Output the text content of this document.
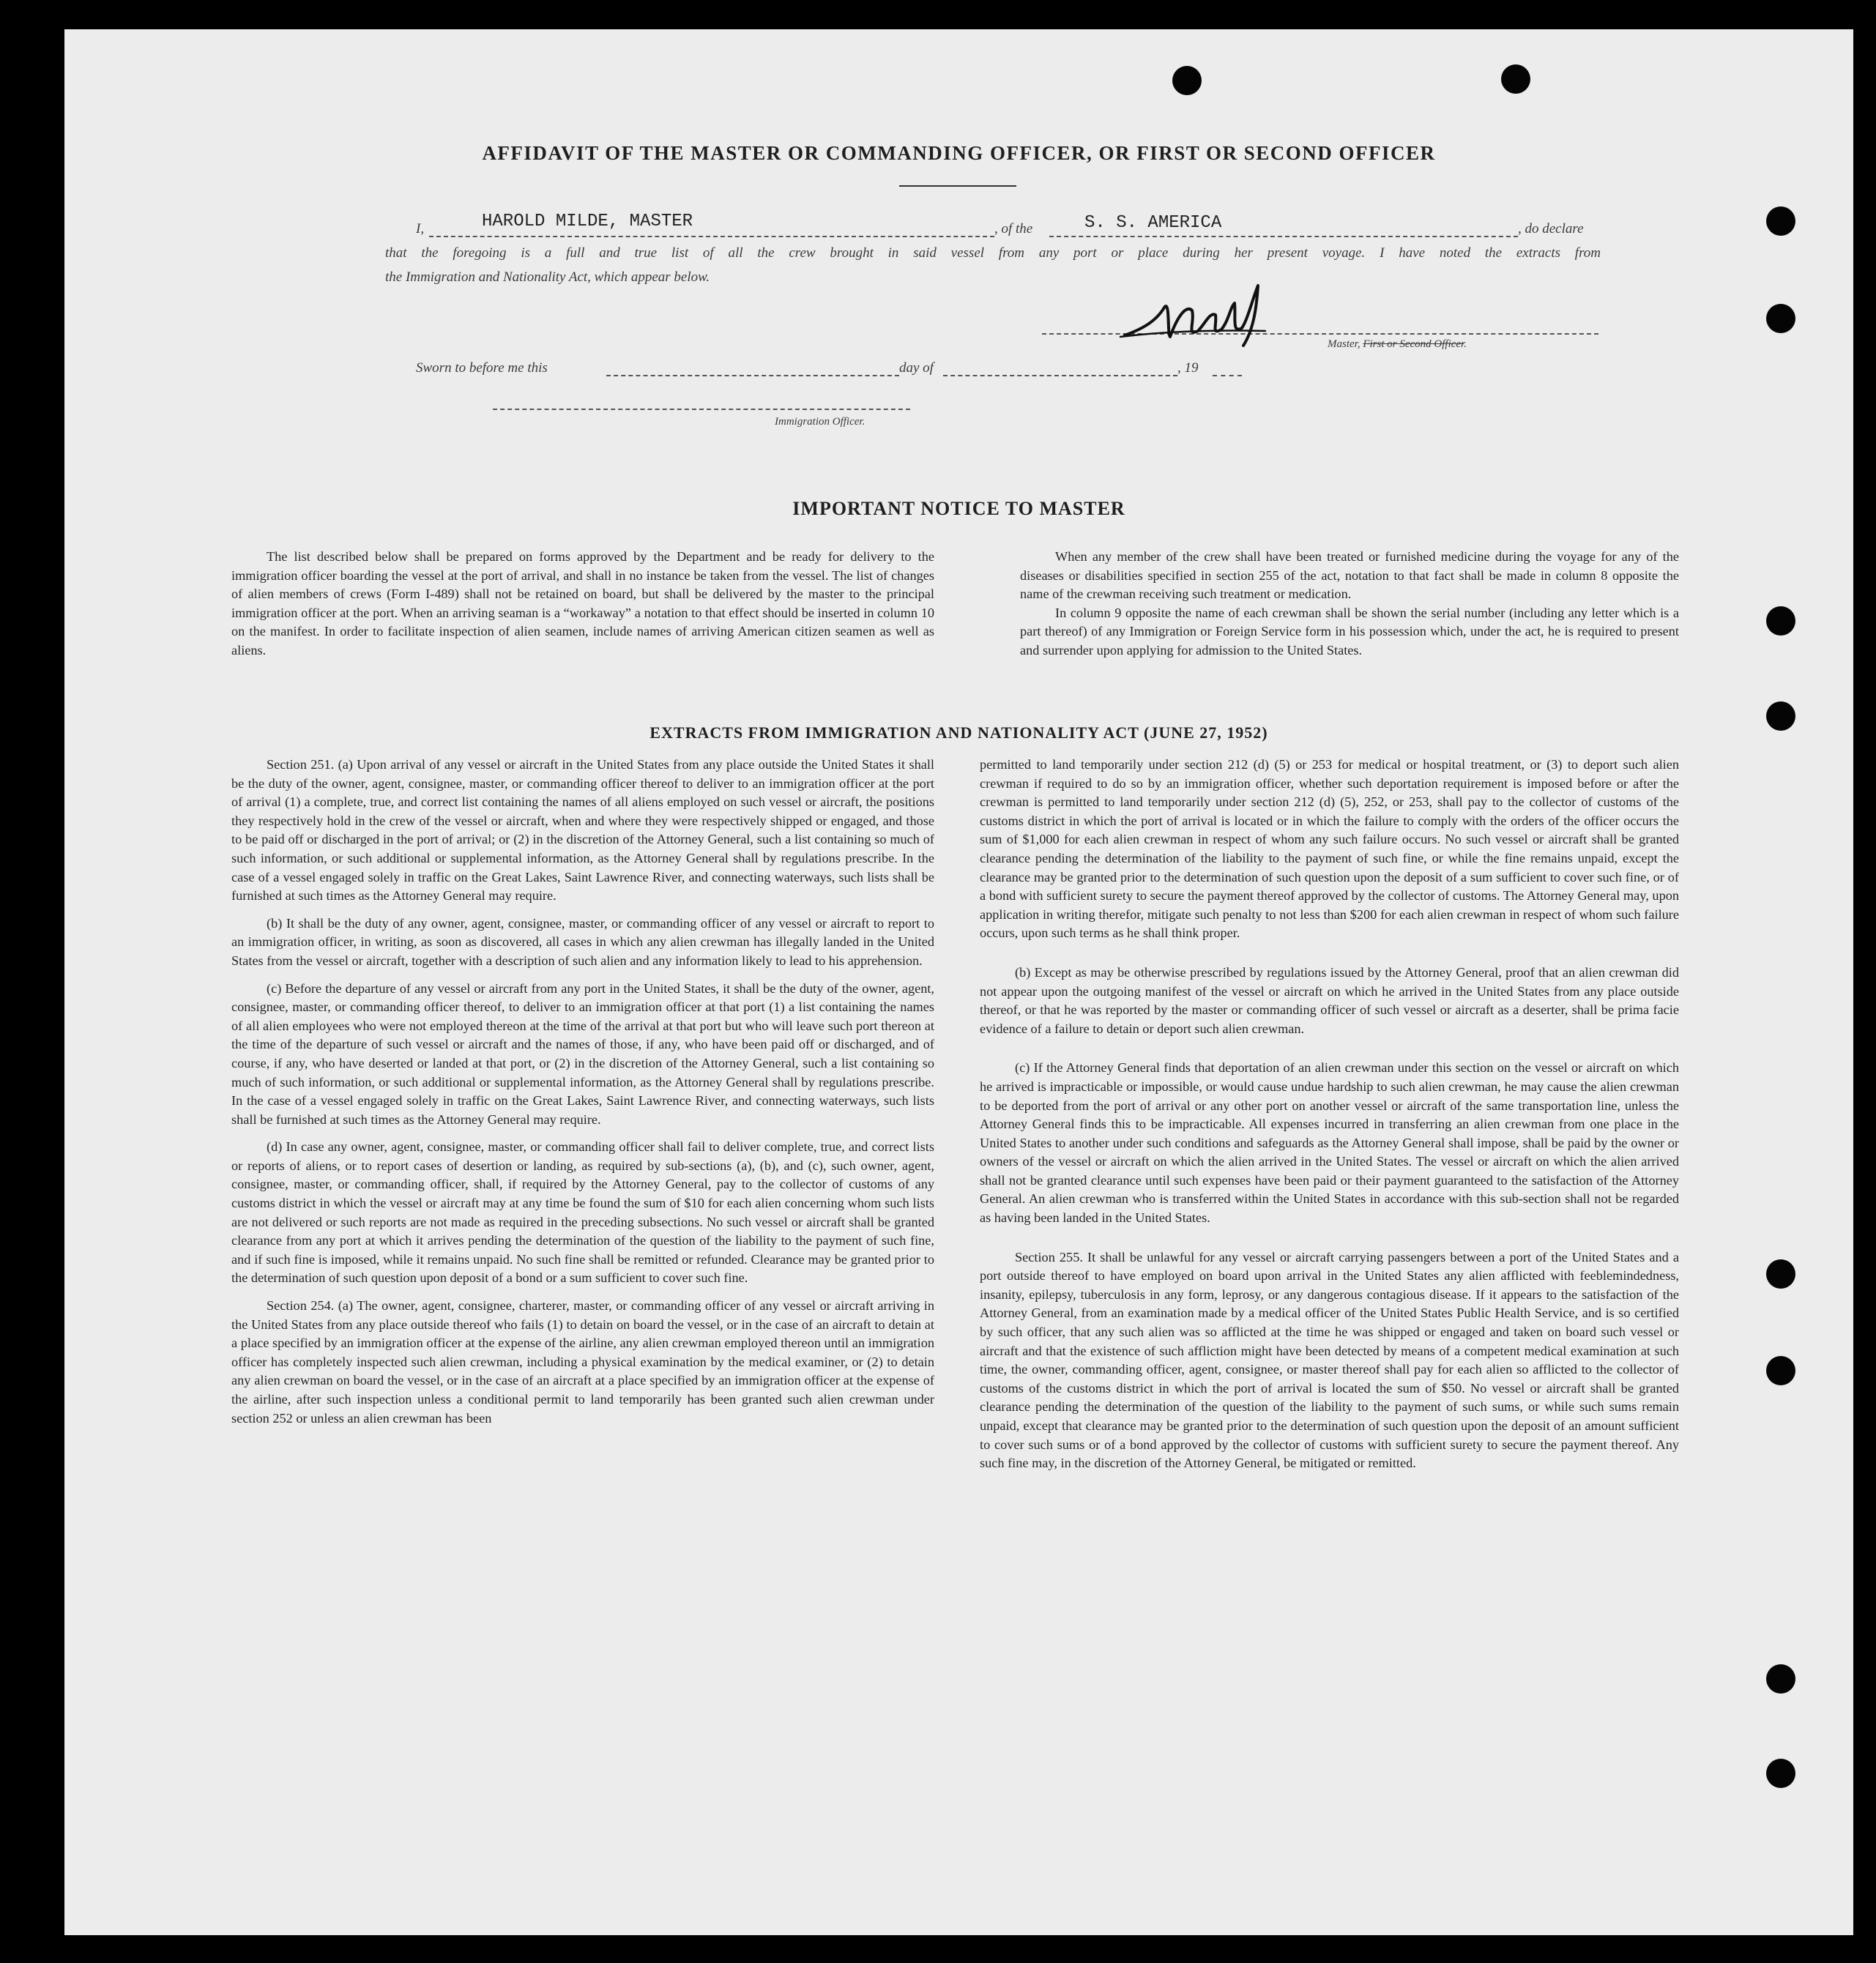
AFFIDAVIT OF THE MASTER OR COMMANDING OFFICER, OR FIRST OR SECOND OFFICER
I,	HAROLD MILDE, MASTER	, of the	S. S. AMERICA	, do declare
that the foregoing is a full and true list of all the crew brought in said vessel from any port or place during her present voyage. I have noted the extracts from
the Immigration and Nationality Act, which appear below.
Master, First or Second Officer.
Sworn to before me this	day of	, 19
Immigration Officer.
IMPORTANT NOTICE TO MASTER

The list described below shall be prepared on forms approved by the Department and be ready for delivery to the immigration officer boarding the vessel at the port of arrival, and shall in no instance be taken from the vessel. The list of changes of alien members of crews (Form I-489) shall not be retained on board, but shall be delivered by the master to the principal immigration officer at the port. When an arriving seaman is a “workaway” a notation to that effect should be inserted in column 10 on the manifest. In order to facilitate inspection of alien seamen, include names of arriving American citizen seamen as well as aliens.

When any member of the crew shall have been treated or furnished medicine during the voyage for any of the diseases or disabilities specified in section 255 of the act, notation to that fact shall be made in column 8 opposite the name of the crewman receiving such treatment or medication.

In column 9 opposite the name of each crewman shall be shown the serial number (including any letter which is a part thereof) of any Immigration or Foreign Service form in his possession which, under the act, he is required to present and surrender upon applying for admission to the United States.

EXTRACTS FROM IMMIGRATION AND NATIONALITY ACT (JUNE 27, 1952)

Section 251. (a) Upon arrival of any vessel or aircraft in the United States from any place outside the United States it shall be the duty of the owner, agent, consignee, master, or commanding officer thereof to deliver to an immigration officer at the port of arrival (1) a complete, true, and correct list containing the names of all aliens employed on such vessel or aircraft, the positions they respectively hold in the crew of the vessel or aircraft, when and where they were respectively shipped or engaged, and those to be paid off or discharged in the port of arrival; or (2) in the discretion of the Attorney General, such a list containing so much of such information, or such additional or supplemental information, as the Attorney General shall by regulations prescribe. In the case of a vessel engaged solely in traffic on the Great Lakes, Saint Lawrence River, and connecting waterways, such lists shall be furnished at such times as the Attorney General may require.

(b) It shall be the duty of any owner, agent, consignee, master, or commanding officer of any vessel or aircraft to report to an immigration officer, in writing, as soon as discovered, all cases in which any alien crewman has illegally landed in the United States from the vessel or aircraft, together with a description of such alien and any information likely to lead to his apprehension.

(c) Before the departure of any vessel or aircraft from any port in the United States, it shall be the duty of the owner, agent, consignee, master, or commanding officer thereof, to deliver to an immigration officer at that port (1) a list containing the names of all alien employees who were not employed thereon at the time of the arrival at that port but who will leave such port thereon at the time of the departure of such vessel or aircraft and the names of those, if any, who have been paid off or discharged, and of course, if any, who have deserted or landed at that port, or (2) in the discretion of the Attorney General, such a list containing so much of such information, or such additional or supplemental information, as the Attorney General shall by regulations prescribe. In the case of a vessel engaged solely in traffic on the Great Lakes, Saint Lawrence River, and connecting waterways, such lists shall be furnished at such times as the Attorney General may require.

(d) In case any owner, agent, consignee, master, or commanding officer shall fail to deliver complete, true, and correct lists or reports of aliens, or to report cases of desertion or landing, as required by sub-sections (a), (b), and (c), such owner, agent, consignee, master, or commanding officer, shall, if required by the Attorney General, pay to the collector of customs of any customs district in which the vessel or aircraft may at any time be found the sum of $10 for each alien concerning whom such lists are not delivered or such reports are not made as required in the preceding subsections. No such vessel or aircraft shall be granted clearance from any port at which it arrives pending the determination of the question of the liability to the payment of such fine, and if such fine is imposed, while it remains unpaid. No such fine shall be remitted or refunded. Clearance may be granted prior to the determination of such question upon deposit of a bond or a sum sufficient to cover such fine.

Section 254. (a) The owner, agent, consignee, charterer, master, or commanding officer of any vessel or aircraft arriving in the United States from any place outside thereof who fails (1) to detain on board the vessel, or in the case of an aircraft to detain at a place specified by an immigration officer at the expense of the airline, any alien crewman employed thereon until an immigration officer has completely inspected such alien crewman, including a physical examination by the medical examiner, or (2) to detain any alien crewman on board the vessel, or in the case of an aircraft at a place specified by an immigration officer at the expense of the airline, after such inspection unless a conditional permit to land temporarily has been granted such alien crewman under section 252 or unless an alien crewman has been

permitted to land temporarily under section 212 (d) (5) or 253 for medical or hospital treatment, or (3) to deport such alien crewman if required to do so by an immigration officer, whether such deportation requirement is imposed before or after the crewman is permitted to land temporarily under section 212 (d) (5), 252, or 253, shall pay to the collector of customs of the customs district in which the port of arrival is located or in which the failure to comply with the orders of the officer occurs the sum of $1,000 for each alien crewman in respect of whom any such failure occurs. No such vessel or aircraft shall be granted clearance pending the determination of the liability to the payment of such fine, or while the fine remains unpaid, except the clearance may be granted prior to the determination of such question upon the deposit of a sum sufficient to cover such fine, or of a bond with sufficient surety to secure the payment thereof approved by the collector of customs. The Attorney General may, upon application in writing therefor, mitigate such penalty to not less than $200 for each alien crewman in respect of whom such failure occurs, upon such terms as he shall think proper.

(b) Except as may be otherwise prescribed by regulations issued by the Attorney General, proof that an alien crewman did not appear upon the outgoing manifest of the vessel or aircraft on which he arrived in the United States from any place outside thereof, or that he was reported by the master or commanding officer of such vessel or aircraft as a deserter, shall be prima facie evidence of a failure to detain or deport such alien crewman.

(c) If the Attorney General finds that deportation of an alien crewman under this section on the vessel or aircraft on which he arrived is impracticable or impossible, or would cause undue hardship to such alien crewman, he may cause the alien crewman to be deported from the port of arrival or any other port on another vessel or aircraft of the same transportation line, unless the Attorney General finds this to be impracticable. All expenses incurred in transferring an alien crewman from one place in the United States to another under such conditions and safeguards as the Attorney General shall impose, shall be paid by the owner or owners of the vessel or aircraft on which the alien arrived in the United States. The vessel or aircraft on which the alien arrived shall not be granted clearance until such expenses have been paid or their payment guaranteed to the satisfaction of the Attorney General. An alien crewman who is transferred within the United States in accordance with this sub-section shall not be regarded as having been landed in the United States.

Section 255. It shall be unlawful for any vessel or aircraft carrying passengers between a port of the United States and a port outside thereof to have employed on board upon arrival in the United States any alien afflicted with feeblemindedness, insanity, epilepsy, tuberculosis in any form, leprosy, or any dangerous contagious disease. If it appears to the satisfaction of the Attorney General, from an examination made by a medical officer of the United States Public Health Service, and is so certified by such officer, that any such alien was so afflicted at the time he was shipped or engaged and taken on board such vessel or aircraft and that the existence of such affliction might have been detected by means of a competent medical examination at such time, the owner, commanding officer, agent, consignee, or master thereof shall pay for each alien so afflicted to the collector of customs of the customs district in which the port of arrival is located the sum of $50. No vessel or aircraft shall be granted clearance pending the determination of the question of the liability to the payment of such sums, or while such sums remain unpaid, except that clearance may be granted prior to the determination of such question upon the deposit of an amount sufficient to cover such sums or of a bond approved by the collector of customs with sufficient surety to secure the payment thereof. Any such fine may, in the discretion of the Attorney General, be mitigated or remitted.
